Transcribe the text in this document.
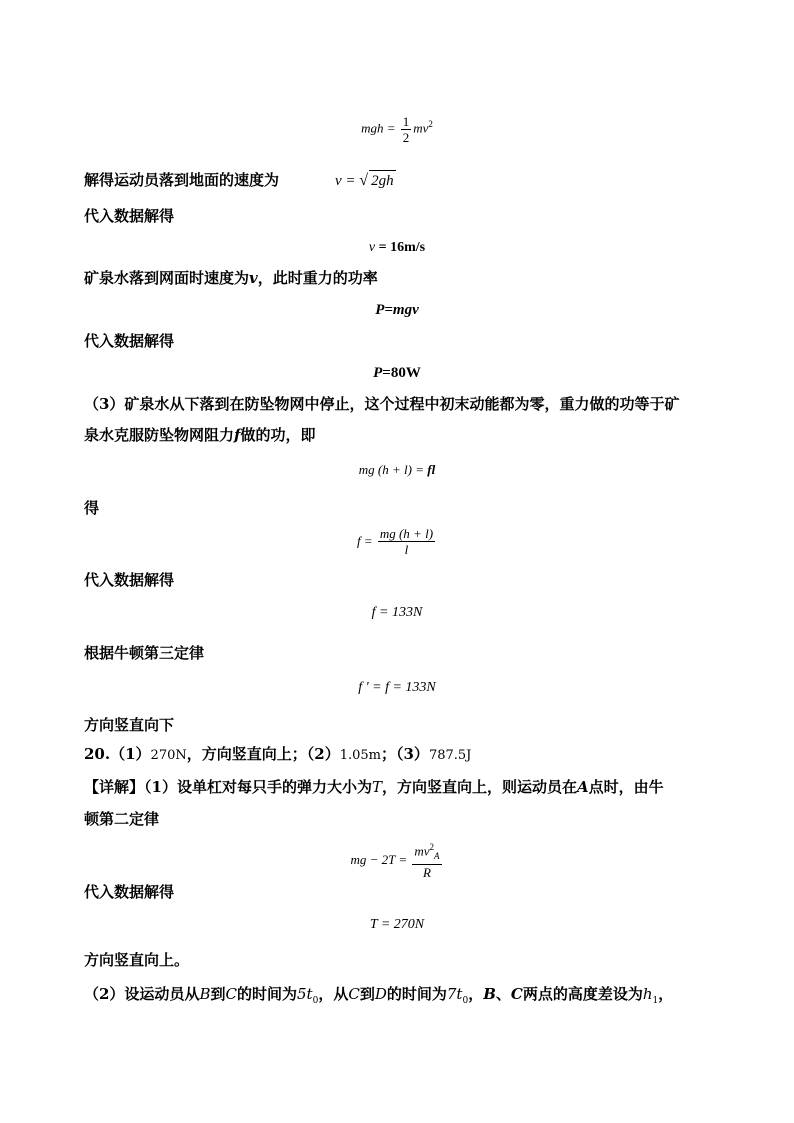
mgh = $\frac{1}{2} mv^2$
解得运动员落到地面的速度为	v = √ 2gh
代入数据解得
v = 16m/s
矿泉水落到网面时速度为v，此时重力的功率
P=mgv
代入数据解得
P=80W
（3）矿泉水从下落到在防坠物网中停止，这个过程中初末动能都为零，重力做的功等于矿
泉水克服防坠物网阻力f做的功，即
mg (h + l) = fl
得
$f = \frac{mg (h + l)}{l}$
代入数据解得
f = 133N
根据牛顿第三定律
f ' = f = 133N
方向竖直向下
20.（1）270N，方向竖直向上；（2）1.05m；（3）787.5J
【详解】（1）设单杠对每只手的弹力大小为T，方向竖直向上，则运动员在A点时，由牛
顿第二定律
mg − $2T = \frac{mv^2_A}{R}$
代入数据解得
T = 270N
方向竖直向上。
（2）设运动员从B到C的时间为$5t_0$，从C到D的时间为$7t_0$，B、C两点的高度差设为$h_1$，
